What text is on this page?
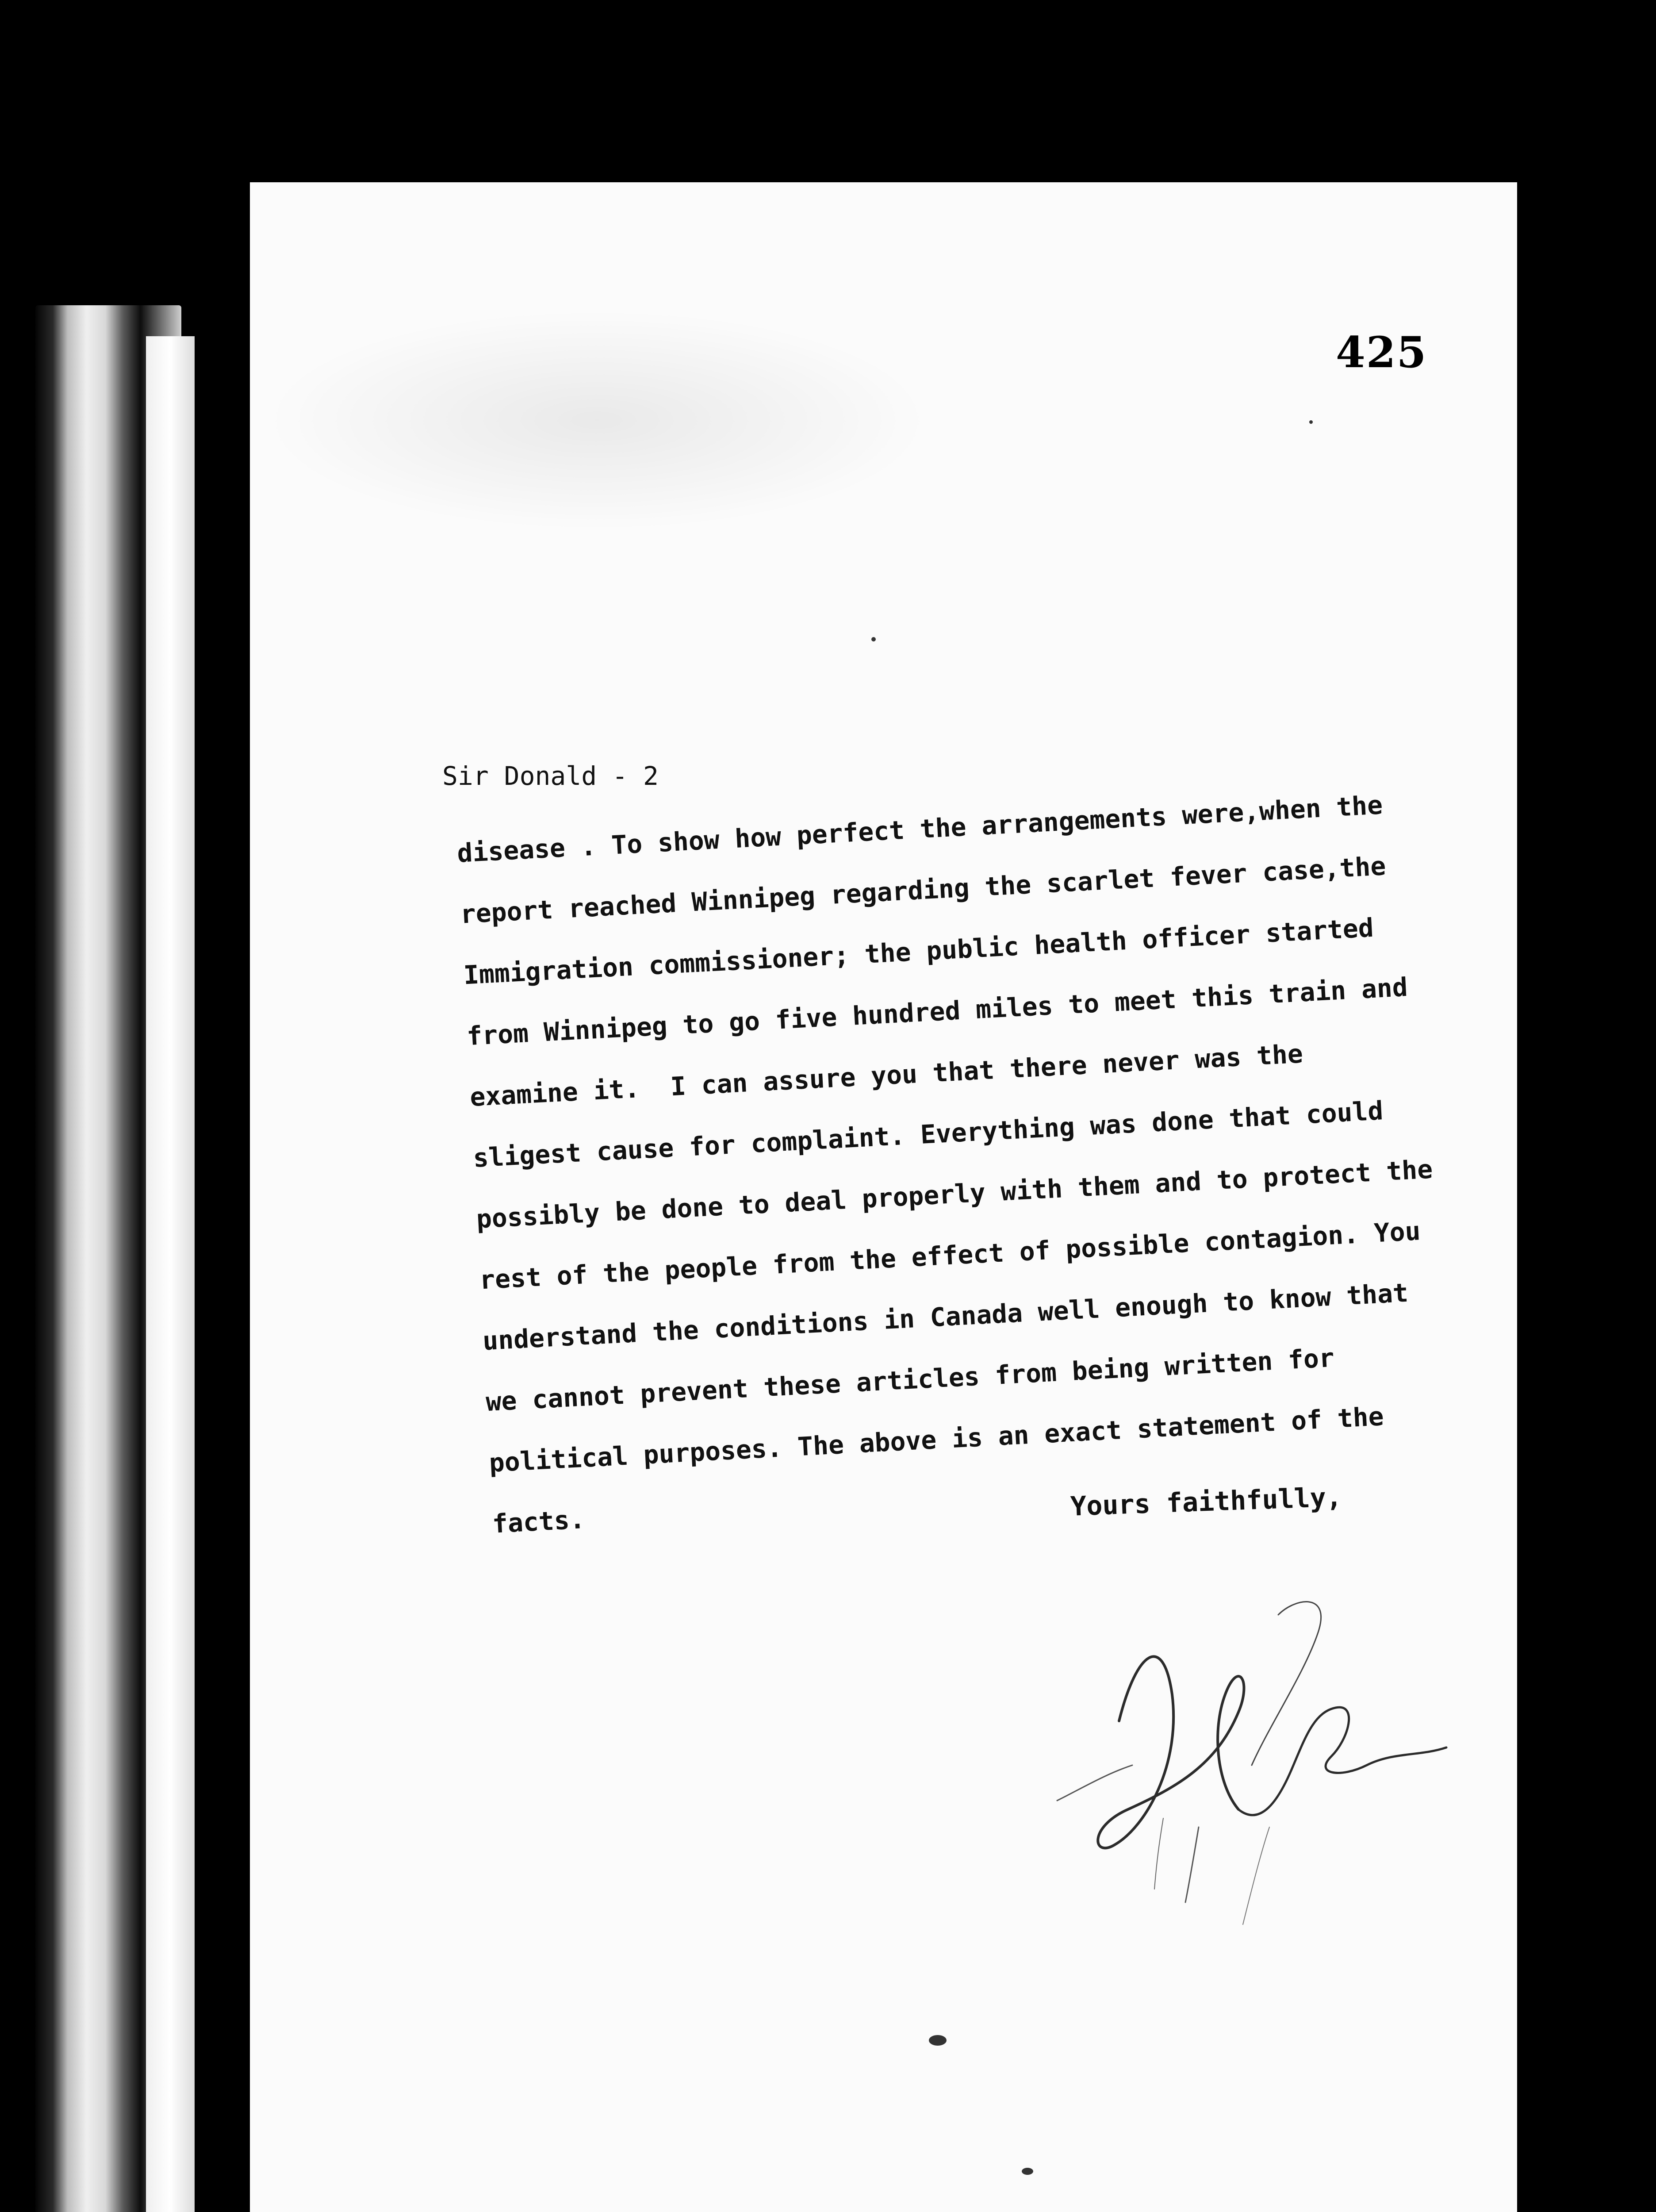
425
Sir Donald - 2
disease . To show how perfect the arrangements were,when the
report reached Winnipeg regarding the scarlet fever case,the
Immigration commissioner; the public health officer started
from Winnipeg to go five hundred miles to meet this train and
examine it.  I can assure you that there never was the
sligest cause for complaint. Everything was done that could
possibly be done to deal properly with them and to protect the
rest of the people from the effect of possible contagion. You
understand the conditions in Canada well enough to know that
we cannot prevent these articles from being written for
political purposes. The above is an exact statement of the
facts.	Yours faithfully,
